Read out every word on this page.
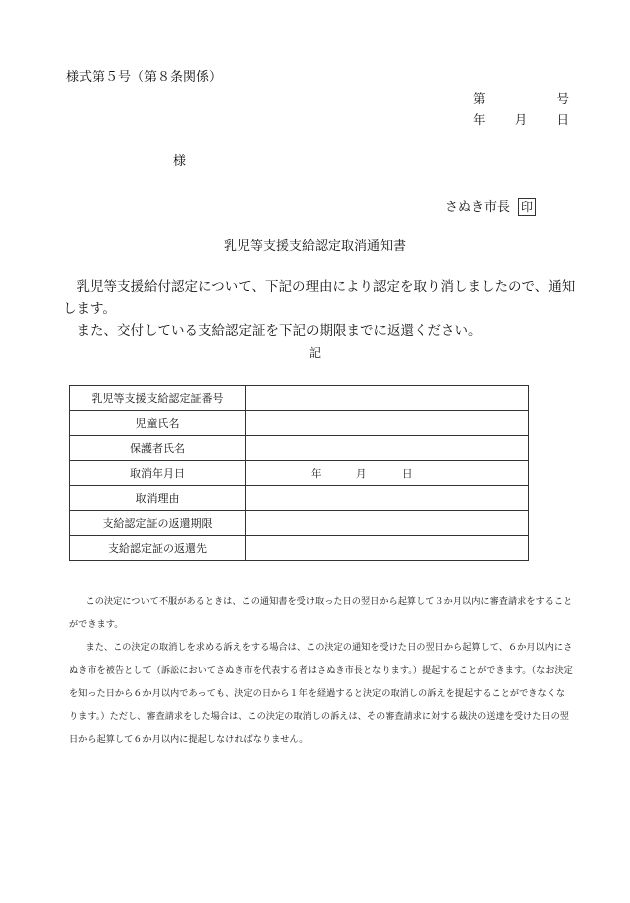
様式第５号（第８条関係）
第	号
年 月 日
様
さぬき市長 印
乳児等支援支給認定取消通知書

乳児等支援給付認定について、下記の理由により認定を取り消しましたので、通知します。

また、交付している支給認定証を下記の期限までに返還ください。

記
乳児等支援支給認定証番号	
児童氏名	
保護者氏名	
取消年月日	年 月 日

取消理由	
支給認定証の返還期限	
支給認定証の返還先	

この決定について不服があるときは、この通知書を受け取った日の翌日から起算して３か月以内に審査請求をすることができます。

また、この決定の取消しを求める訴えをする場合は、この決定の通知を受けた日の翌日から起算して、６か月以内にさぬき市を被告として（訴訟においてさぬき市を代表する者はさぬき市長となります。）提起することができます。（なお決定を知った日から６か月以内であっても、決定の日から１年を経過すると決定の取消しの訴えを提起することができなくなります。）ただし、審査請求をした場合は、この決定の取消しの訴えは、その審査請求に対する裁決の送達を受けた日の翌日から起算して６か月以内に提起しなければなりません。
